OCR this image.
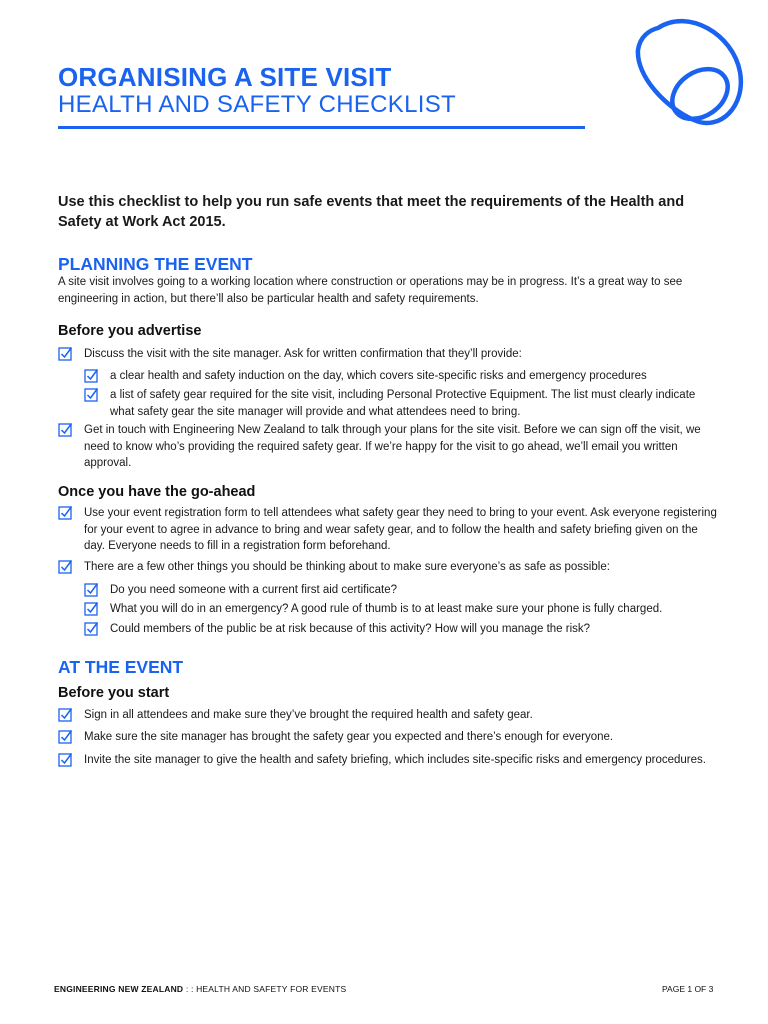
ORGANISING A SITE VISIT
HEALTH AND SAFETY CHECKLIST
Use this checklist to help you run safe events that meet the requirements of the Health and Safety at Work Act 2015.
PLANNING THE EVENT
A site visit involves going to a working location where construction or operations may be in progress. It’s a great way to see engineering in action, but there’ll also be particular health and safety requirements.
Before you advertise
Discuss the visit with the site manager. Ask for written confirmation that they’ll provide:
a clear health and safety induction on the day, which covers site-specific risks and emergency procedures
a list of safety gear required for the site visit, including Personal Protective Equipment. The list must clearly indicate what safety gear the site manager will provide and what attendees need to bring.
Get in touch with Engineering New Zealand to talk through your plans for the site visit. Before we can sign off the visit, we need to know who’s providing the required safety gear. If we’re happy for the visit to go ahead, we’ll email you written approval.
Once you have the go-ahead
Use your event registration form to tell attendees what safety gear they need to bring to your event. Ask everyone registering for your event to agree in advance to bring and wear safety gear, and to follow the health and safety briefing given on the day. Everyone needs to fill in a registration form beforehand.
There are a few other things you should be thinking about to make sure everyone’s as safe as possible:
Do you need someone with a current first aid certificate?
What you will do in an emergency? A good rule of thumb is to at least make sure your phone is fully charged.
Could members of the public be at risk because of this activity? How will you manage the risk?
AT THE EVENT
Before you start
Sign in all attendees and make sure they’ve brought the required health and safety gear.
Make sure the site manager has brought the safety gear you expected and there’s enough for everyone.
Invite the site manager to give the health and safety briefing, which includes site-specific risks and emergency procedures.
ENGINEERING NEW ZEALAND : : HEALTH AND SAFETY FOR EVENTS	PAGE 1 OF 3
